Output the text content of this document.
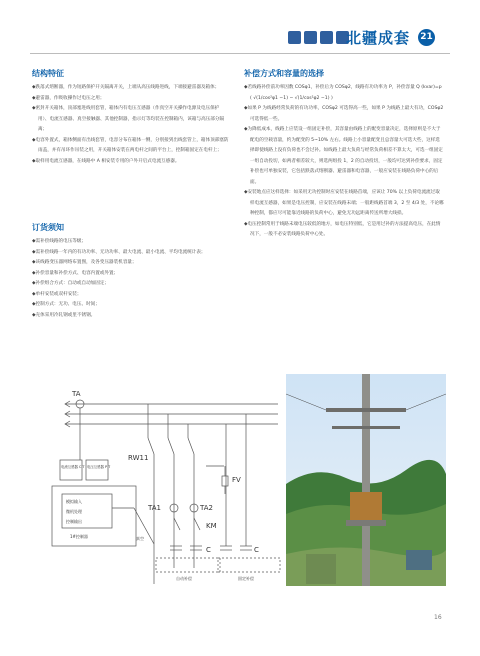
北疆成套 21
结构特征

◆跌落式熔断器，作为短路保护开关隔离开关，上端从高压线路进线，下端接避雷器及箱体；

◆避雷器，作吸收操作过电压之用；

◆密封开关箱体，顶部塞进线用套管，箱体内有电压互感器（作真空开关操作电源及电压保护用）、电流互感器、真空接触器、其他控制器，指示灯等均装在控制箱内，该箱与高压部分隔离；

◆电容外置式，箱体侧面有出线套管，电容分布在箱体一侧，分别接到出线套管上，箱体顶部塞防雨盖，并有吊环作吊装之用，开关箱体安装在两电杆之间的平台上，控制箱固定在电杆上；

◆取样用电流互感器，在线路中 A 相安装专用的户外开启式电流互感器。

订货须知

◆需补偿线路的电压等级；

◆需补偿线路一年内的有功功率、无功功率、最大电流、最小电流、平均电流统计表；

◆该线路变压器网络布置图，及各变压器装机容量；

◆补偿容量和补偿方式、电容内置或外置；

◆补偿组合方式：自动或自动加固定；

◆单杆安装或双杆安装；

◆控制方式：无功、电压、时间；

◆壳体采用冷轧钢或里不锈钢。

补偿方式和容量的选择

◆若线路补偿前功率因数 COSφ1，补偿后为 COSφ2，线路有功功率为 P，补偿容量 Q (kvar)=p ( √(1/cos²φ1 −1) − √(1/cos²φ2 −1) )

◆如果 P 为线路经常负荷的有功功率，COSφ2 可选得高一些，如果 P 为线路上最大有功，COSφ2 可选得低一些。

◆为降低成本，线路上应装设一组固定补偿，其容量由线路上的配变容量决定，选择原则是不大于配电的空载容量，约为配变的 5~10% 左右。线路上小容量配变且总容量大可选大些，这样选择即使线路上没有负荷也不会过补。如线路上最大负荷与经常负荷相差不算太大，可选一组固定一组自动投切，如两者相差较大，则选两组投 1，2 的自动投切，一般均可达到补偿要求，固定补偿也可单独安装，它包括跌落式熔断器、避雷器和电容器，一般应安装在线路负荷中心的后面。

◆安装地点应这样选择：如采用无功控制时应安装在线路首端，应该让 70% 以上负荷电流流过取样电流互感器，如果是电压控制，应安装在线路末端；一般距线路首端 3，2 至 4/3 处，不论哪种控制，都应尽可能靠近线路的负荷中心，避免无功远距离传送所增大线损。

◆电压控制常用于线路末端电压较低的地方，如电压特别低，它是用过补的方法提高电压，在此情况下，一般不必安装线路负荷中心处。

TA
RW11
FV
TA1	TA2
KM
C	C
电流互感器 C T 电压互感器 P T
模拟输入
微机处理
控制输出
1#控制器	真空
自动补偿	固定补偿
16
